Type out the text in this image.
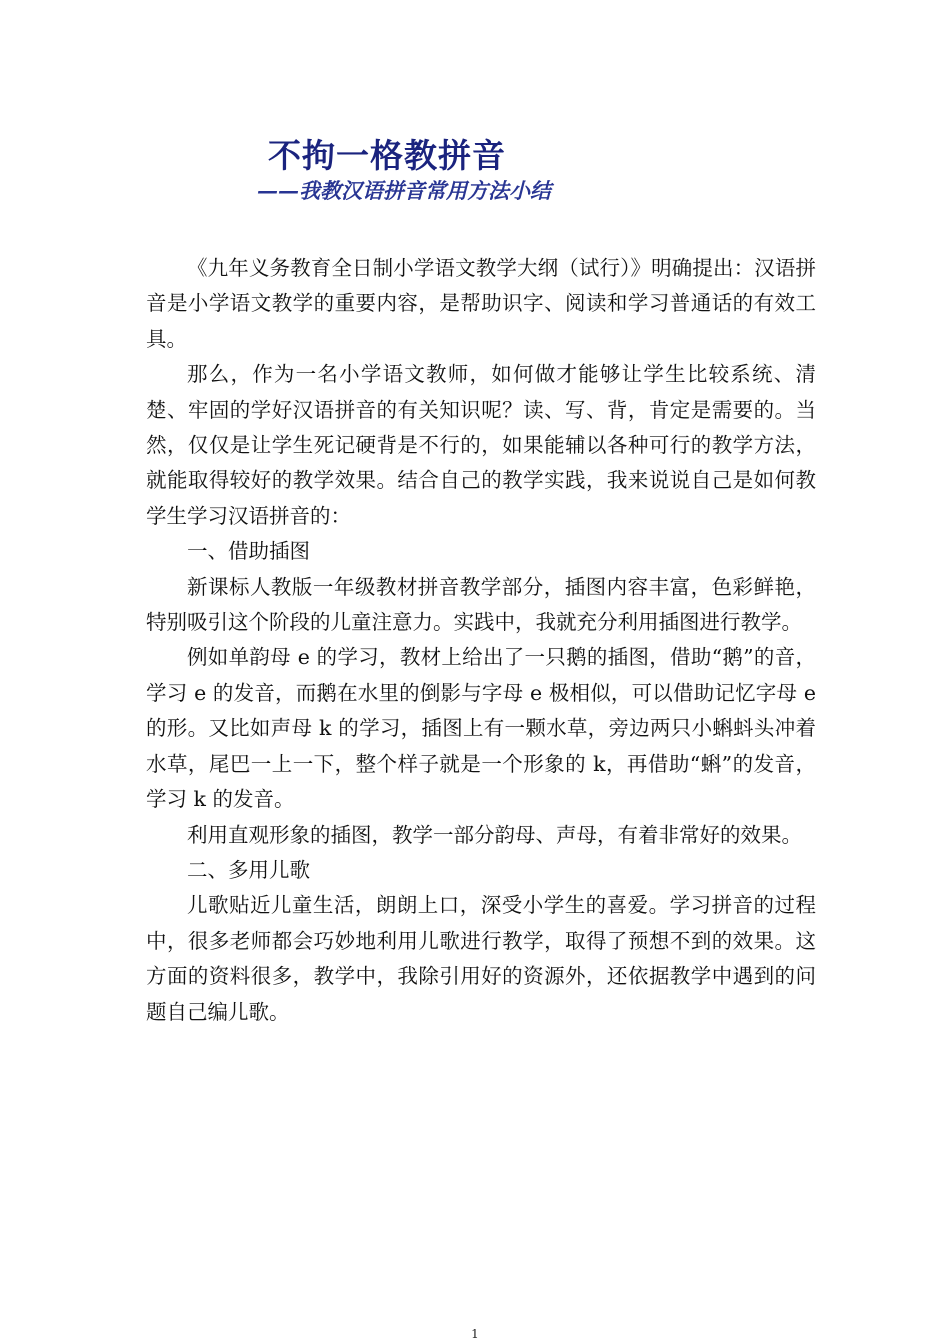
不拘一格教拼音
——我教汉语拼音常用方法小结

《九年义务教育全日制小学语文教学大纲（试行）》明确提出：汉语拼音是小学语文教学的重要内容，是帮助识字、阅读和学习普通话的有效工具。

那么，作为一名小学语文教师，如何做才能够让学生比较系统、清楚、牢固的学好汉语拼音的有关知识呢？读、写、背，肯定是需要的。当然，仅仅是让学生死记硬背是不行的，如果能辅以各种可行的教学方法，就能取得较好的教学效果。结合自己的教学实践，我来说说自己是如何教学生学习汉语拼音的：

一、借助插图

新课标人教版一年级教材拼音教学部分，插图内容丰富，色彩鲜艳，特别吸引这个阶段的儿童注意力。实践中，我就充分利用插图进行教学。

例如单韵母 e 的学习，教材上给出了一只鹅的插图，借助“鹅”的音，学习 e 的发音，而鹅在水里的倒影与字母 e 极相似，可以借助记忆字母 e 的形。又比如声母 k 的学习，插图上有一颗水草，旁边两只小蝌蚪头冲着水草，尾巴一上一下，整个样子就是一个形象的 k，再借助“蝌”的发音，学习 k 的发音。

利用直观形象的插图，教学一部分韵母、声母，有着非常好的效果。

二、多用儿歌

儿歌贴近儿童生活，朗朗上口，深受小学生的喜爱。学习拼音的过程中，很多老师都会巧妙地利用儿歌进行教学，取得了预想不到的效果。这方面的资料很多，教学中，我除引用好的资源外，还依据教学中遇到的问题自己编儿歌。

1
